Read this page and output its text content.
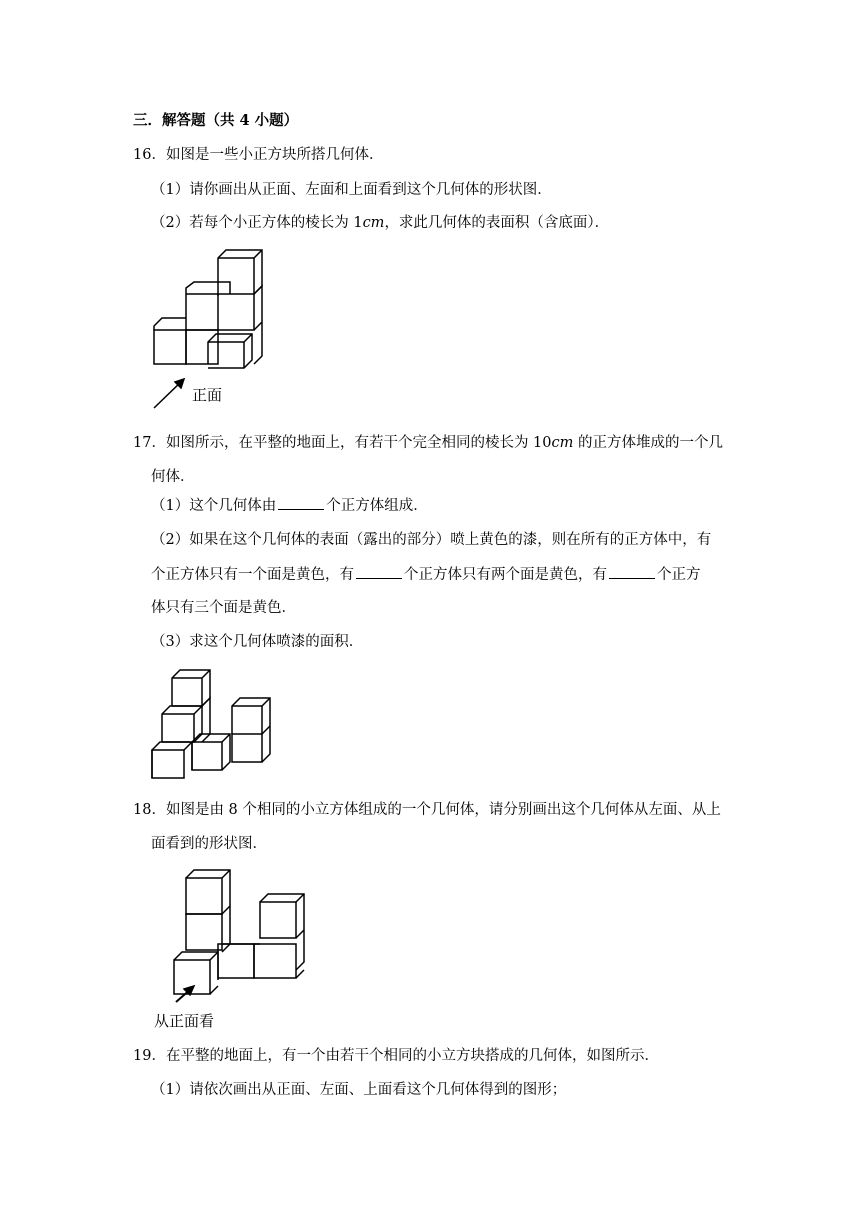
三．解答题（共 4 小题）
16．如图是一些小正方块所搭几何体．
（1）请你画出从正面、左面和上面看到这个几何体的形状图．
（2）若每个小正方体的棱长为 1cm，求此几何体的表面积（含底面）．
正面
17．如图所示，在平整的地面上，有若干个完全相同的棱长为 10cm 的正方体堆成的一个几
何体．
（1）这个几何体由	个正方体组成．
（2）如果在这个几何体的表面（露出的部分）喷上黄色的漆，则在所有的正方体中，有
个正方体只有一个面是黄色，有	个正方体只有两个面是黄色，有	个正方
体只有三个面是黄色．
（3）求这个几何体喷漆的面积．
18．如图是由 8 个相同的小立方体组成的一个几何体，请分别画出这个几何体从左面、从上
面看到的形状图．
从正面看
19．在平整的地面上，有一个由若干个相同的小立方块搭成的几何体，如图所示．
（1）请依次画出从正面、左面、上面看这个几何体得到的图形；
